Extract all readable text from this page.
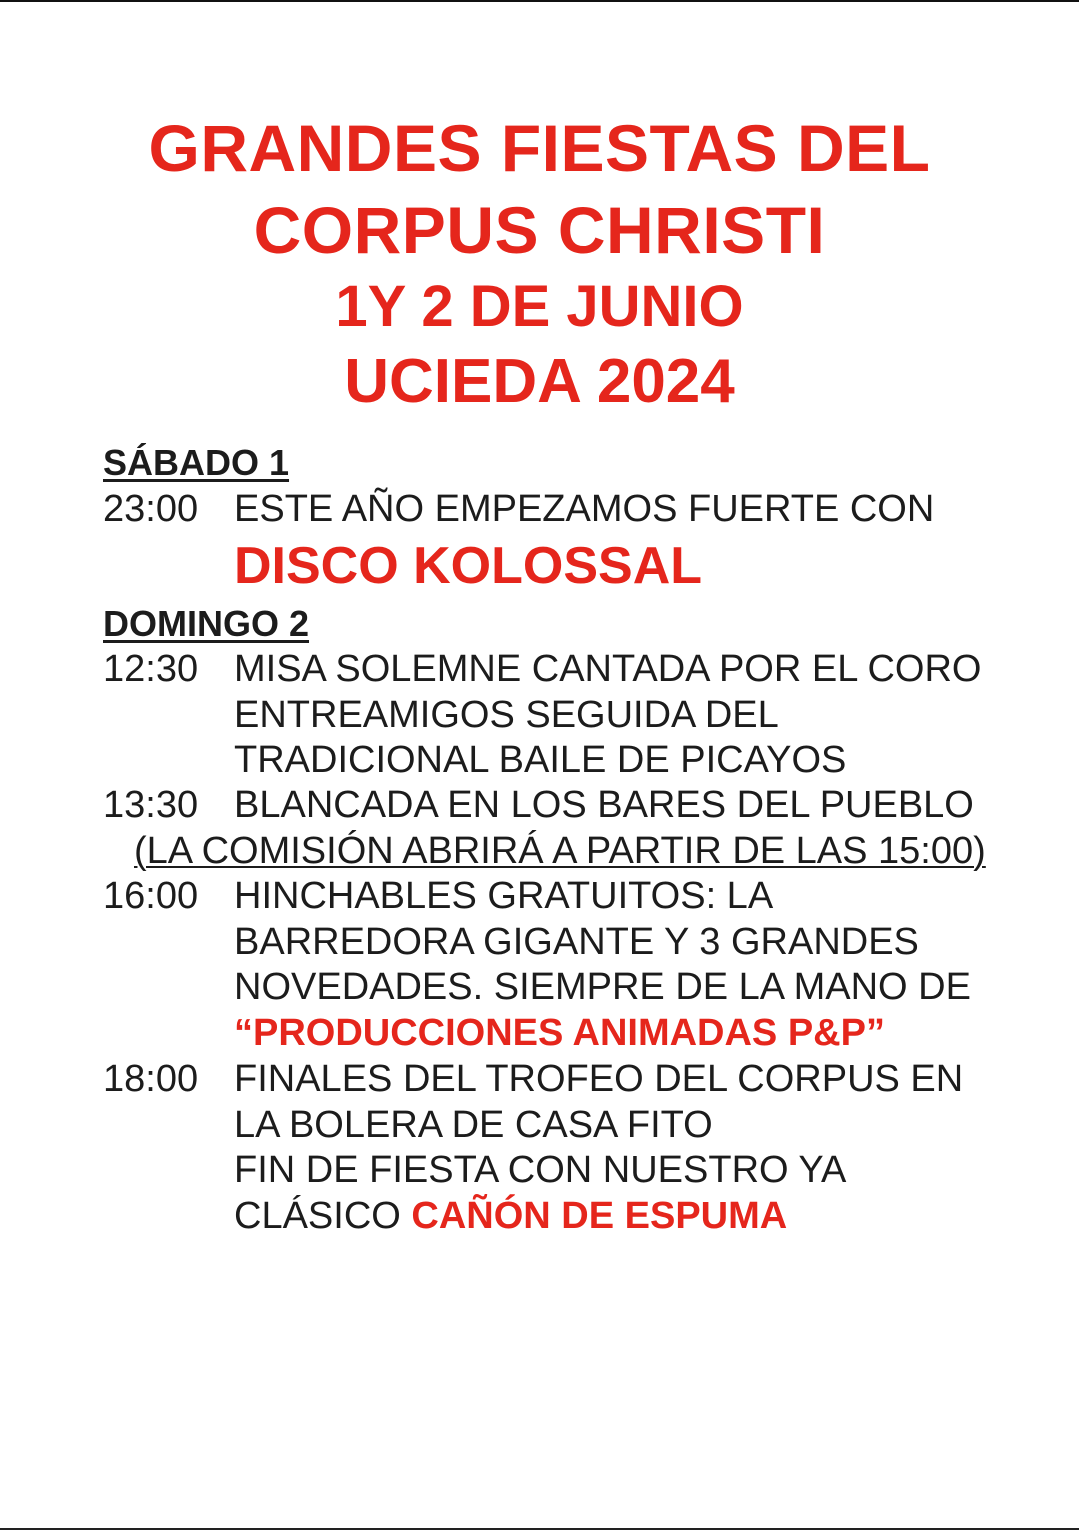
GRANDES FIESTAS DEL
CORPUS CHRISTI
1Y 2 DE JUNIO
UCIEDA 2024
SÁBADO 1
23:00 ESTE AÑO EMPEZAMOS FUERTE CON
DISCO KOLOSSAL
DOMINGO 2
12:30 MISA SOLEMNE CANTADA POR EL CORO
ENTREAMIGOS SEGUIDA DEL
TRADICIONAL BAILE DE PICAYOS
13:30 BLANCADA EN LOS BARES DEL PUEBLO
(LA COMISIÓN ABRIRÁ A PARTIR DE LAS 15:00)
16:00 HINCHABLES GRATUITOS: LA
BARREDORA GIGANTE Y 3 GRANDES
NOVEDADES. SIEMPRE DE LA MANO DE
“PRODUCCIONES ANIMADAS P&P”
18:00 FINALES DEL TROFEO DEL CORPUS EN
LA BOLERA DE CASA FITO
FIN DE FIESTA CON NUESTRO YA
CLÁSICO CAÑÓN DE ESPUMA
